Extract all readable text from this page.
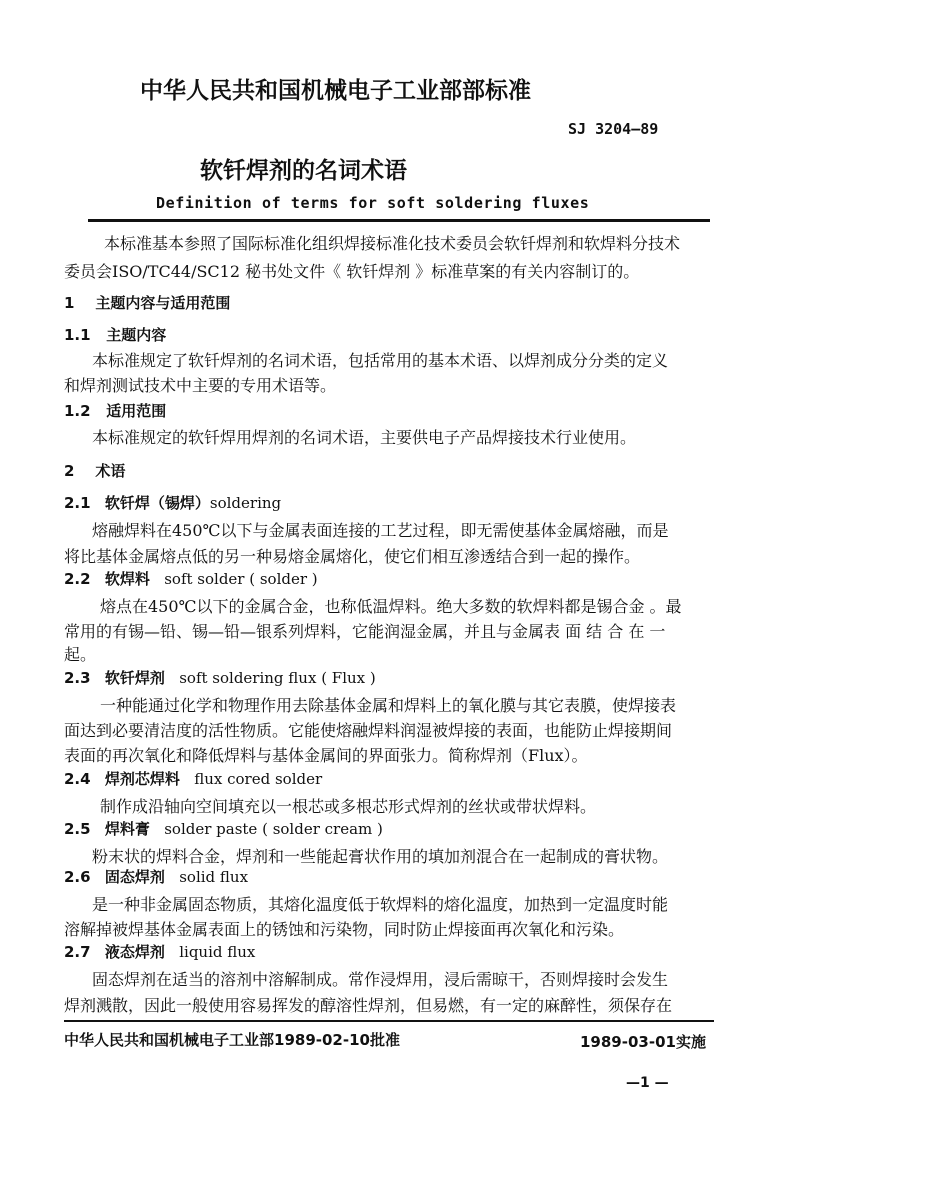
中华人民共和国机械电子工业部部标准
SJ 3204—89
软钎焊剂的名词术语
Definition of terms for soft soldering fluxes
本标准基本参照了国际标准化组织焊接标准化技术委员会软钎焊剂和软焊料分技术
委员会ISO/TC44/SC12 秘书处文件《 软钎焊剂 》标准草案的有关内容制订的。
1 主题内容与适用范围
1.1 主题内容
本标准规定了软钎焊剂的名词术语，包括常用的基本术语、以焊剂成分分类的定义
和焊剂测试技术中主要的专用术语等。
1.2 适用范围
本标准规定的软钎焊用焊剂的名词术语，主要供电子产品焊接技术行业使用。
2 术语
2.1 软钎焊（锡焊）soldering
熔融焊料在450℃以下与金属表面连接的工艺过程，即无需使基体金属熔融，而是
将比基体金属熔点低的另一种易熔金属熔化，使它们相互渗透结合到一起的操作。
2.2 软焊料 soft solder ( solder )
熔点在450℃以下的金属合金，也称低温焊料。绝大多数的软焊料都是锡合金 。最
常用的有锡—铅、锡—铅—银系列焊料，它能润湿金属，并且与金属表 面 结 合 在 一
起。
2.3 软钎焊剂 soft soldering flux ( Flux )
一种能通过化学和物理作用去除基体金属和焊料上的氧化膜与其它表膜，使焊接表
面达到必要清洁度的活性物质。它能使熔融焊料润湿被焊接的表面，也能防止焊接期间
表面的再次氧化和降低焊料与基体金属间的界面张力。简称焊剂（Flux）。
2.4 焊剂芯焊料 flux cored solder
制作成沿轴向空间填充以一根芯或多根芯形式焊剂的丝状或带状焊料。
2.5 焊料膏 solder paste ( solder cream )
粉末状的焊料合金，焊剂和一些能起膏状作用的填加剂混合在一起制成的膏状物。
2.6 固态焊剂 solid flux
是一种非金属固态物质，其熔化温度低于软焊料的熔化温度，加热到一定温度时能
溶解掉被焊基体金属表面上的锈蚀和污染物，同时防止焊接面再次氧化和污染。
2.7 液态焊剂 liquid flux
固态焊剂在适当的溶剂中溶解制成。常作浸焊用，浸后需晾干，否则焊接时会发生
焊剂溅散，因此一般使用容易挥发的醇溶性焊剂，但易燃，有一定的麻醉性，须保存在
中华人民共和国机械电子工业部1989-02-10批准	1989-03-01实施
—1 —
